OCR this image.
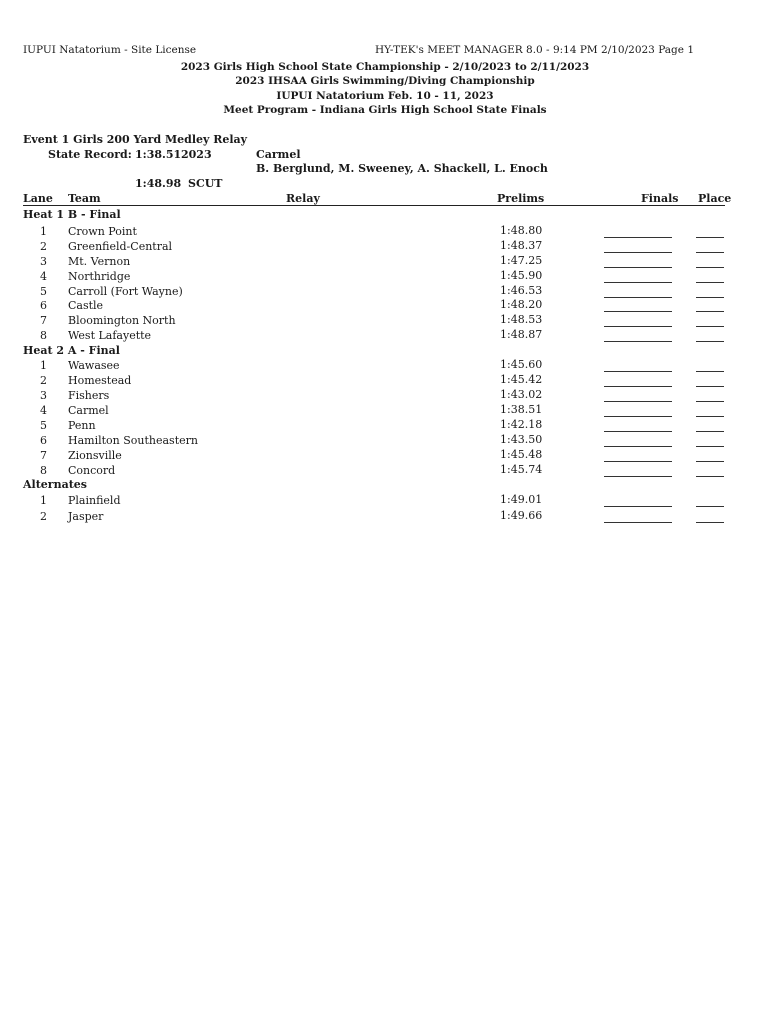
IUPUI Natatorium - Site License	HY-TEK's MEET MANAGER 8.0 - 9:14 PM 2/10/2023 Page 1
2023 Girls High School State Championship - 2/10/2023 to 2/11/2023
2023 IHSAA Girls Swimming/Diving Championship
IUPUI Natatorium Feb. 10 - 11, 2023
Meet Program - Indiana Girls High School State Finals
Event 1 Girls 200 Yard Medley Relay
State Record: 1:38.51 2023	Carmel
B. Berglund, M. Sweeney, A. Shackell, L. Enoch
1:48.98 SCUT
Lane Team	Relay	Prelims	Finals Place
Heat 1 B - Final
1 Crown Point	1:48.80
2 Greenfield-Central	1:48.37
3 Mt. Vernon	1:47.25
4 Northridge	1:45.90
5 Carroll (Fort Wayne)	1:46.53
6 Castle	1:48.20
7 Bloomington North	1:48.53
8 West Lafayette	1:48.87
Heat 2 A - Final
1 Wawasee	1:45.60
2 Homestead	1:45.42
3 Fishers	1:43.02
4 Carmel	1:38.51
5 Penn	1:42.18
6 Hamilton Southeastern	1:43.50
7 Zionsville	1:45.48
8 Concord	1:45.74
Alternates
1 Plainfield	1:49.01
2 Jasper	1:49.66
